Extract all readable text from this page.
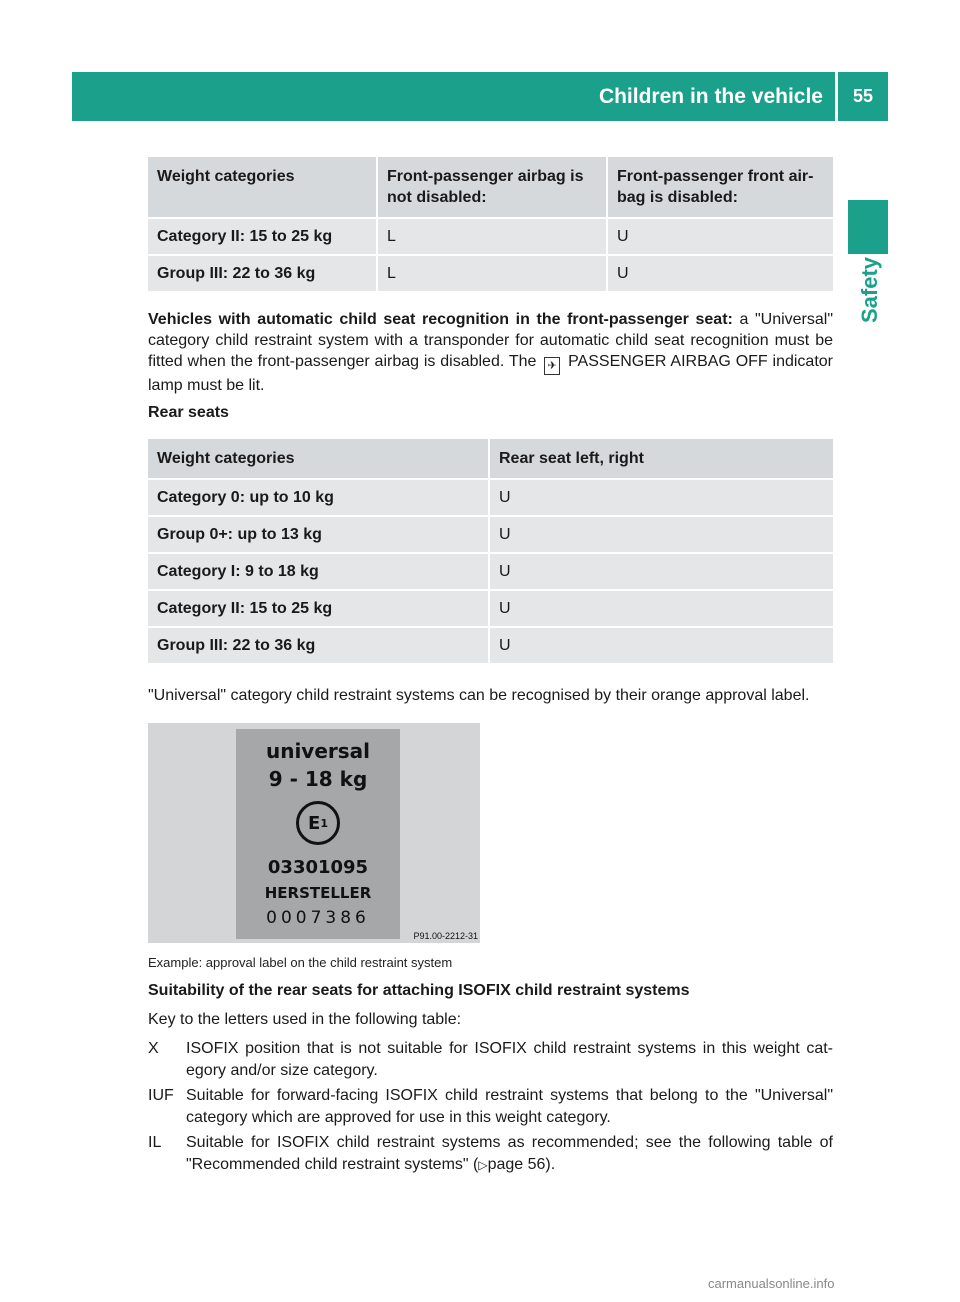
Children in the vehicle	55
Safety
Weight categories	Front-passenger airbag is not disabled:	Front-passenger front air-bag is disabled:
Category II: 15 to 25 kg	L	U
Group III: 22 to 36 kg	L	U

Vehicles with automatic child seat recognition in the front-passenger seat: a "Universal" category child restraint system with a transponder for automatic child seat recognition must be fitted when the front-passenger airbag is disabled. The ✈ PASSENGER AIRBAG OFF indicator lamp must be lit.

Rear seats

Weight categories	Rear seat left, right
Category 0: up to 10 kg	U
Group 0+: up to 13 kg	U
Category I: 9 to 18 kg	U
Category II: 15 to 25 kg	U
Group III: 22 to 36 kg	U

"Universal" category child restraint systems can be recognised by their orange approval label.

universal
9 - 18 kg
E 1
03301095
HERSTELLER
0007386
P91.00-2212-31
Example: approval label on the child restraint system

Suitability of the rear seats for attaching ISOFIX child restraint systems

Key to the letters used in the following table:

X	ISOFIX position that is not suitable for ISOFIX child restraint systems in this weight cat-egory and/or size category.
IUF Suitable for forward-facing ISOFIX child restraint systems that belong to the "Universal" category which are approved for use in this weight category.
IL	Suitable for ISOFIX child restraint systems as recommended; see the following table of "Recommended child restraint systems" (▷page 56).
carmanualsonline.info
